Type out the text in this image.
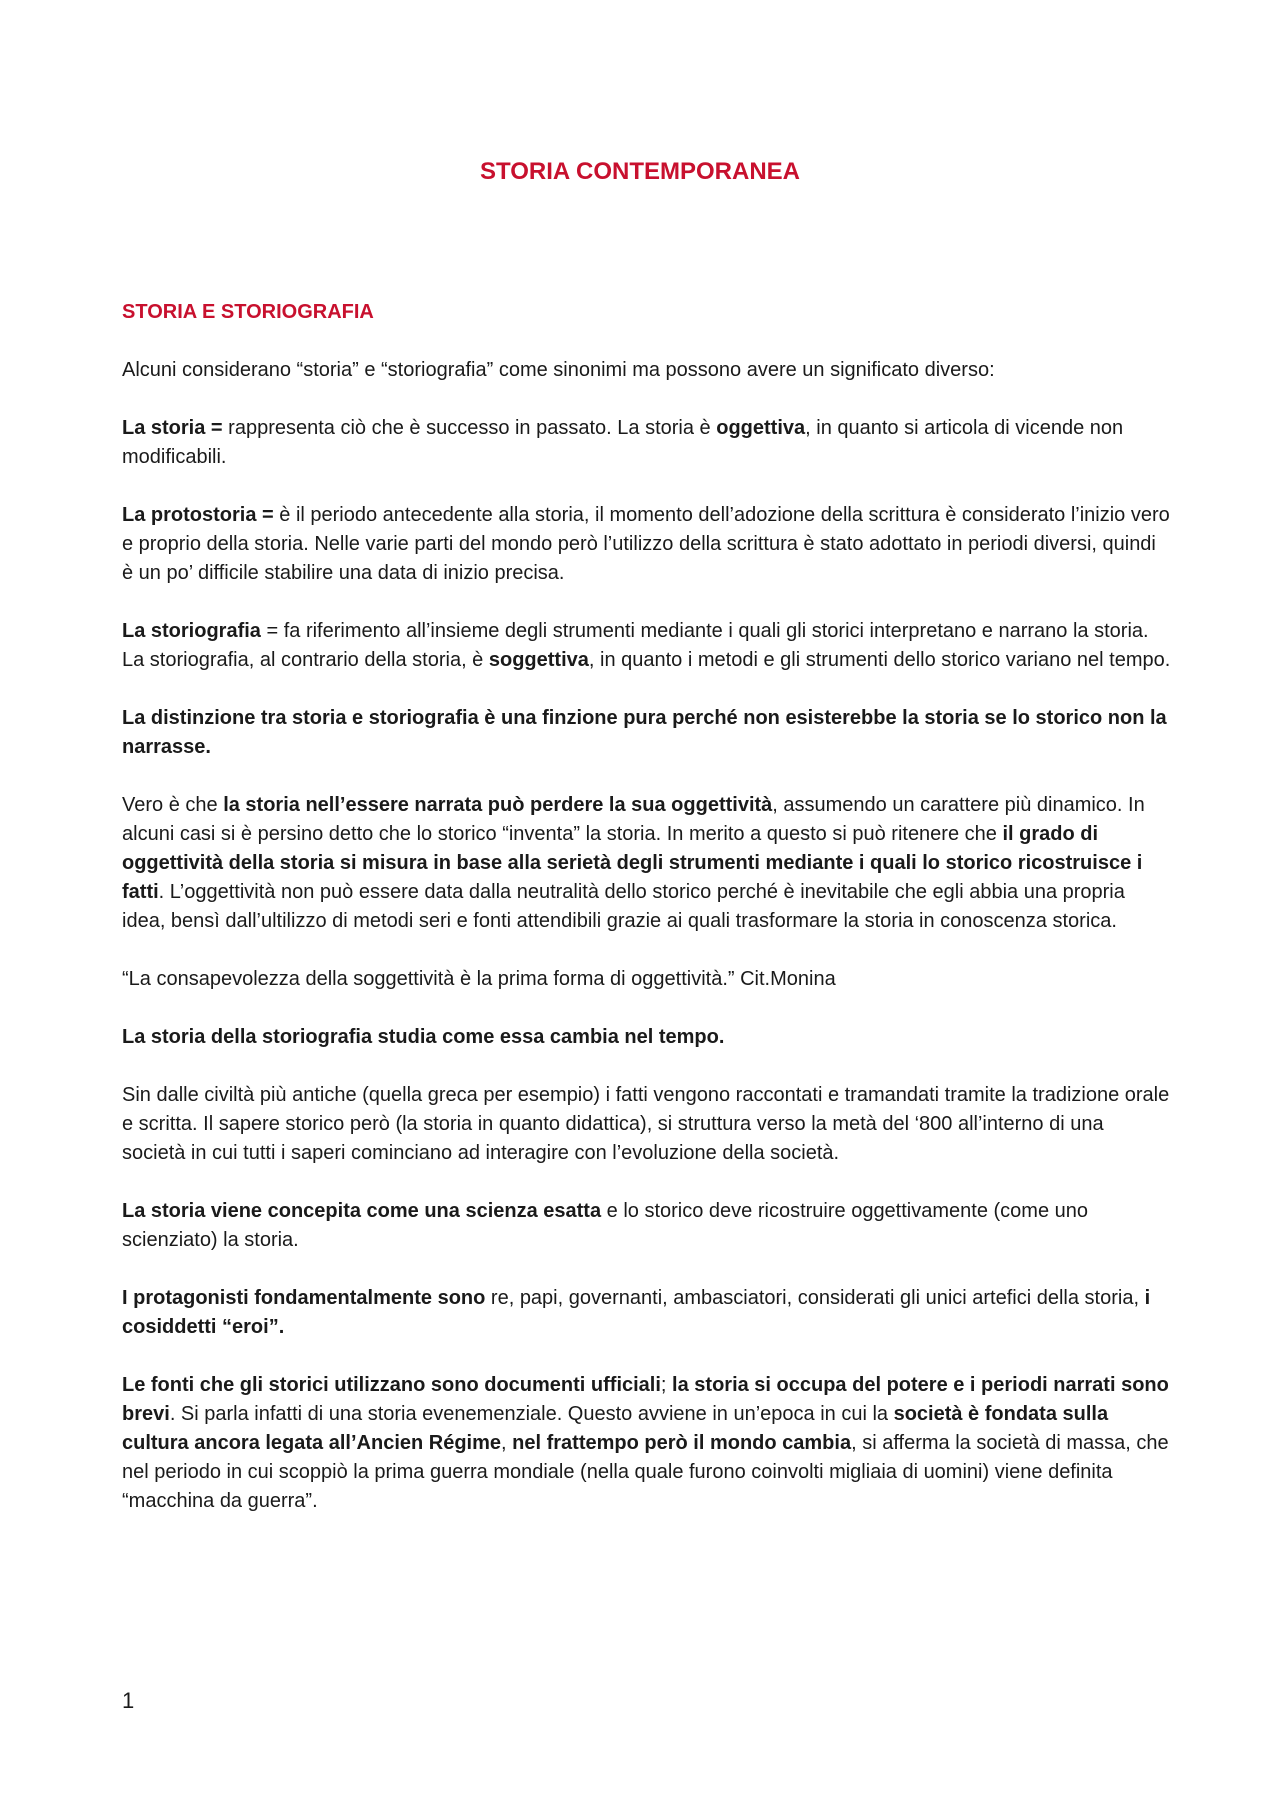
STORIA CONTEMPORANEA
STORIA E STORIOGRAFIA

Alcuni considerano “storia” e “storiografia” come sinonimi ma possono avere un significato diverso:

La storia = rappresenta ciò che è successo in passato. La storia è oggettiva, in quanto si articola di vicende non modificabili.

La protostoria = è il periodo antecedente alla storia, il momento dell’adozione della scrittura è considerato l’inizio vero e proprio della storia. Nelle varie parti del mondo però l’utilizzo della scrittura è stato adottato in periodi diversi, quindi è un po’ difficile stabilire una data di inizio precisa.

La storiografia = fa riferimento all’insieme degli strumenti mediante i quali gli storici interpretano e narrano la storia. La storiografia, al contrario della storia, è soggettiva, in quanto i metodi e gli strumenti dello storico variano nel tempo.

La distinzione tra storia e storiografia è una finzione pura perché non esisterebbe la storia se lo storico non la narrasse.

Vero è che la storia nell’essere narrata può perdere la sua oggettività, assumendo un carattere più dinamico. In alcuni casi si è persino detto che lo storico “inventa” la storia. In merito a questo si può ritenere che il grado di oggettività della storia si misura in base alla serietà degli strumenti mediante i quali lo storico ricostruisce i fatti. L’oggettività non può essere data dalla neutralità dello storico perché è inevitabile che egli abbia una propria idea, bensì dall’ultilizzo di metodi seri e fonti attendibili grazie ai quali trasformare la storia in conoscenza storica.

“La consapevolezza della soggettività è la prima forma di oggettività.” Cit.Monina

La storia della storiografia studia come essa cambia nel tempo.

Sin dalle civiltà più antiche (quella greca per esempio) i fatti vengono raccontati e tramandati tramite la tradizione orale e scritta. Il sapere storico però (la storia in quanto didattica), si struttura verso la metà del ‘800 all’interno di una società in cui tutti i saperi cominciano ad interagire con l’evoluzione della società.

La storia viene concepita come una scienza esatta e lo storico deve ricostruire oggettivamente (come uno scienziato) la storia.

I protagonisti fondamentalmente sono re, papi, governanti, ambasciatori, considerati gli unici artefici della storia, i cosiddetti “eroi”.

Le fonti che gli storici utilizzano sono documenti ufficiali; la storia si occupa del potere e i periodi narrati sono brevi. Si parla infatti di una storia evenemenziale. Questo avviene in un’epoca in cui la società è fondata sulla cultura ancora legata all’Ancien Régime, nel frattempo però il mondo cambia, si afferma la società di massa, che nel periodo in cui scoppiò la prima guerra mondiale (nella quale furono coinvolti migliaia di uomini) viene definita “macchina da guerra”.

1
